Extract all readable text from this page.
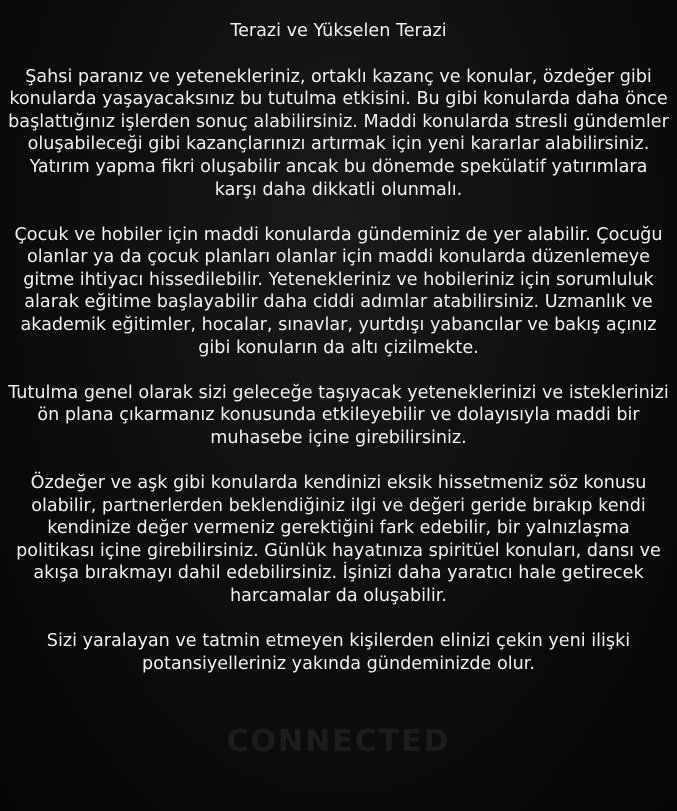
CONNECTED
Terazi ve Yükselen Terazi

Şahsi paranız ve yetenekleriniz, ortaklı kazanç ve konular, özdeğer gibi konularda yaşayacaksınız bu tutulma etkisini. Bu gibi konularda daha önce başlattığınız işlerden sonuç alabilirsiniz. Maddi konularda stresli gündemler oluşabileceği gibi kazançlarınızı artırmak için yeni kararlar alabilirsiniz. Yatırım yapma fikri oluşabilir ancak bu dönemde spekülatif yatırımlara karşı daha dikkatli olunmalı.

Çocuk ve hobiler için maddi konularda gündeminiz de yer alabilir. Çocuğu olanlar ya da çocuk planları olanlar için maddi konularda düzenlemeye gitme ihtiyacı hissedilebilir. Yetenekleriniz ve hobileriniz için sorumluluk alarak eğitime başlayabilir daha ciddi adımlar atabilirsiniz. Uzmanlık ve akademik eğitimler, hocalar, sınavlar, yurtdışı yabancılar ve bakış açınız gibi konuların da altı çizilmekte.

Tutulma genel olarak sizi geleceğe taşıyacak yeteneklerinizi ve isteklerinizi ön plana çıkarmanız konusunda etkileyebilir ve dolayısıyla maddi bir muhasebe içine girebilirsiniz.

Özdeğer ve aşk gibi konularda kendinizi eksik hissetmeniz söz konusu olabilir, partnerlerden beklendiğiniz ilgi ve değeri geride bırakıp kendi kendinize değer vermeniz gerektiğini fark edebilir, bir yalnızlaşma politikası içine girebilirsiniz. Günlük hayatınıza spiritüel konuları, dansı ve akışa bırakmayı dahil edebilirsiniz. İşinizi daha yaratıcı hale getirecek harcamalar da oluşabilir.

Sizi yaralayan ve tatmin etmeyen kişilerden elinizi çekin yeni ilişki potansiyelleriniz yakında gündeminizde olur.
